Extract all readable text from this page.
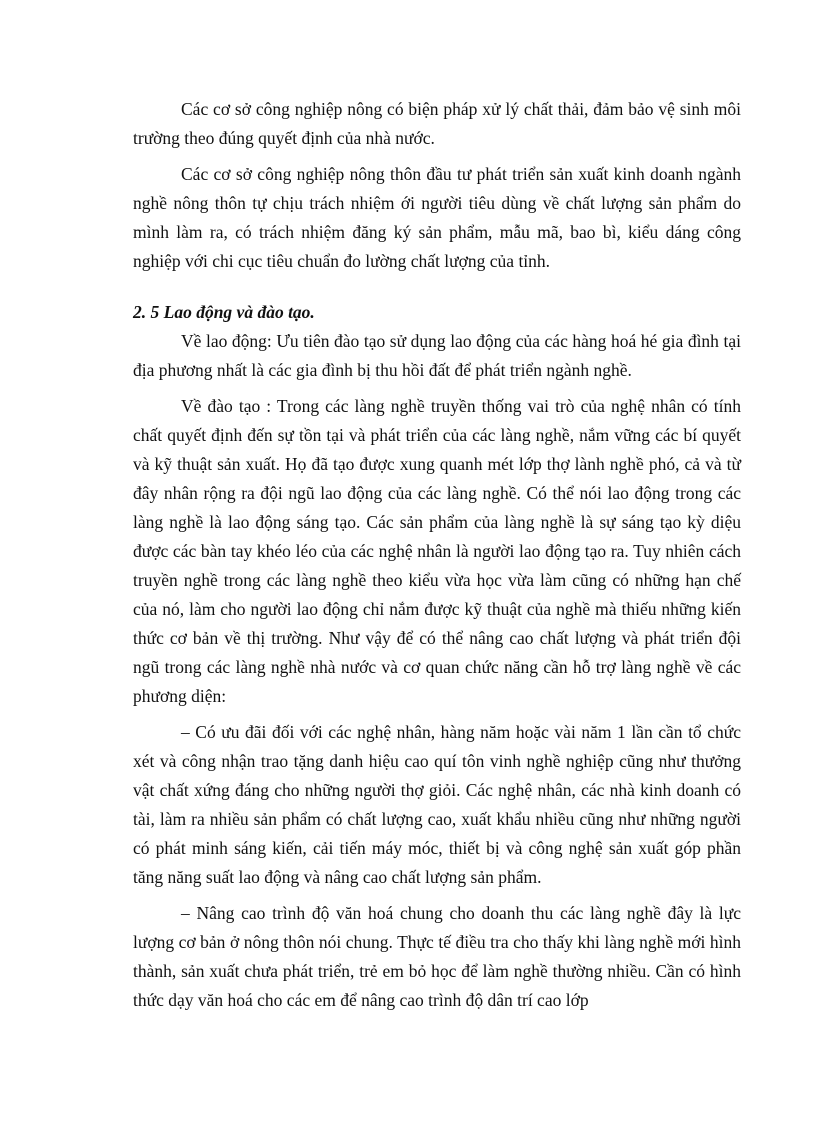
Các cơ sở công nghiệp nông có biện pháp xử lý chất thải, đảm bảo vệ sinh môi trường theo đúng quyết định của nhà nước.

Các cơ sở công nghiệp nông thôn đầu tư phát triển sản xuất kinh doanh ngành nghề nông thôn tự chịu trách nhiệm ới người tiêu dùng về chất lượng sản phẩm do mình làm ra, có trách nhiệm đăng ký sản phẩm, mẫu mã, bao bì, kiểu dáng công nghiệp với chi cục tiêu chuẩn đo lường chất lượng của tỉnh.

2. 5 Lao động và đào tạo.

Về lao động: Ưu tiên đào tạo sử dụng lao động của các hàng hoá hé gia đình tại địa phương nhất là các gia đình bị thu hồi đất để phát triển ngành nghề.

Về đào tạo : Trong các làng nghề truyền thống vai trò của nghệ nhân có tính chất quyết định đến sự tồn tại và phát triển của các làng nghề, nắm vững các bí quyết và kỹ thuật sản xuất. Họ đã tạo được xung quanh mét lớp thợ lành nghề phó, cả và từ đây nhân rộng ra đội ngũ lao động của các làng nghề. Có thể nói lao động trong các làng nghề là lao động sáng tạo. Các sản phẩm của làng nghề là sự sáng tạo kỳ diệu được các bàn tay khéo léo của các nghệ nhân là người lao động tạo ra. Tuy nhiên cách truyền nghề trong các làng nghề theo kiểu vừa học vừa làm cũng có những hạn chế của nó, làm cho người lao động chỉ nắm được kỹ thuật của nghề mà thiếu những kiến thức cơ bản về thị trường. Như vậy để có thể nâng cao chất lượng và phát triển đội ngũ trong các làng nghề nhà nước và cơ quan chức năng cần hỗ trợ làng nghề về các phương diện:

– Có ưu đãi đối với các nghệ nhân, hàng năm hoặc vài năm 1 lần cần tổ chức xét và công nhận trao tặng danh hiệu cao quí tôn vinh nghề nghiệp cũng như thưởng vật chất xứng đáng cho những người thợ giỏi. Các nghệ nhân, các nhà kinh doanh có tài, làm ra nhiều sản phẩm có chất lượng cao, xuất khẩu nhiều cũng như những người có phát minh sáng kiến, cải tiến máy móc, thiết bị và công nghệ sản xuất góp phần tăng năng suất lao động và nâng cao chất lượng sản phẩm.

– Nâng cao trình độ văn hoá chung cho doanh thu các làng nghề đây là lực lượng cơ bản ở nông thôn nói chung. Thực tế điều tra cho thấy khi làng nghề mới hình thành, sản xuất chưa phát triển, trẻ em bỏ học để làm nghề thường nhiều. Cần có hình thức dạy văn hoá cho các em để nâng cao trình độ dân trí cao lớp
